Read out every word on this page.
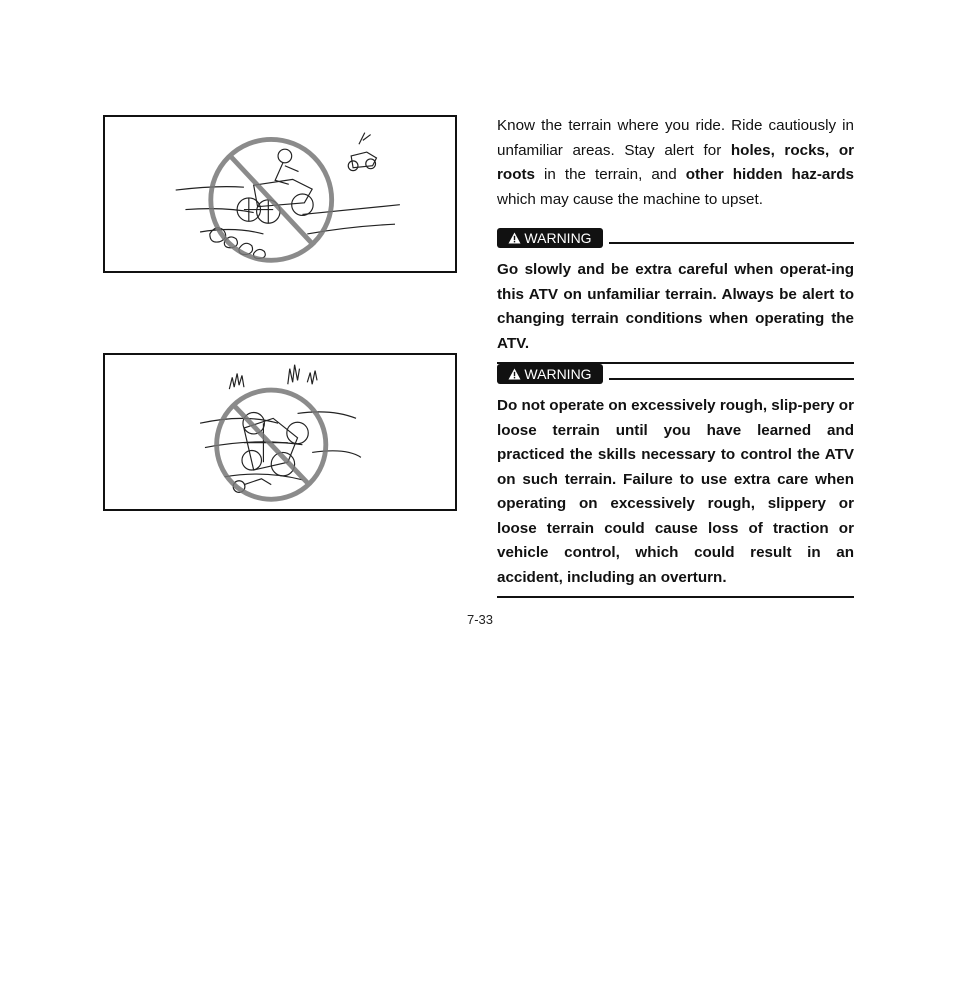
Know the terrain where you ride. Ride cautiously in unfamiliar areas. Stay alert for holes, rocks, or roots in the terrain, and other hidden haz-ards which may cause the machine to upset.

WARNING

Go slowly and be extra careful when operat-ing this ATV on unfamiliar terrain. Always be alert to changing terrain conditions when operating the ATV.

WARNING

Do not operate on excessively rough, slip-pery or loose terrain until you have learned and practiced the skills necessary to control the ATV on such terrain. Failure to use extra care when operating on excessively rough, slippery or loose terrain could cause loss of traction or vehicle control, which could result in an accident, including an overturn.

7-33
